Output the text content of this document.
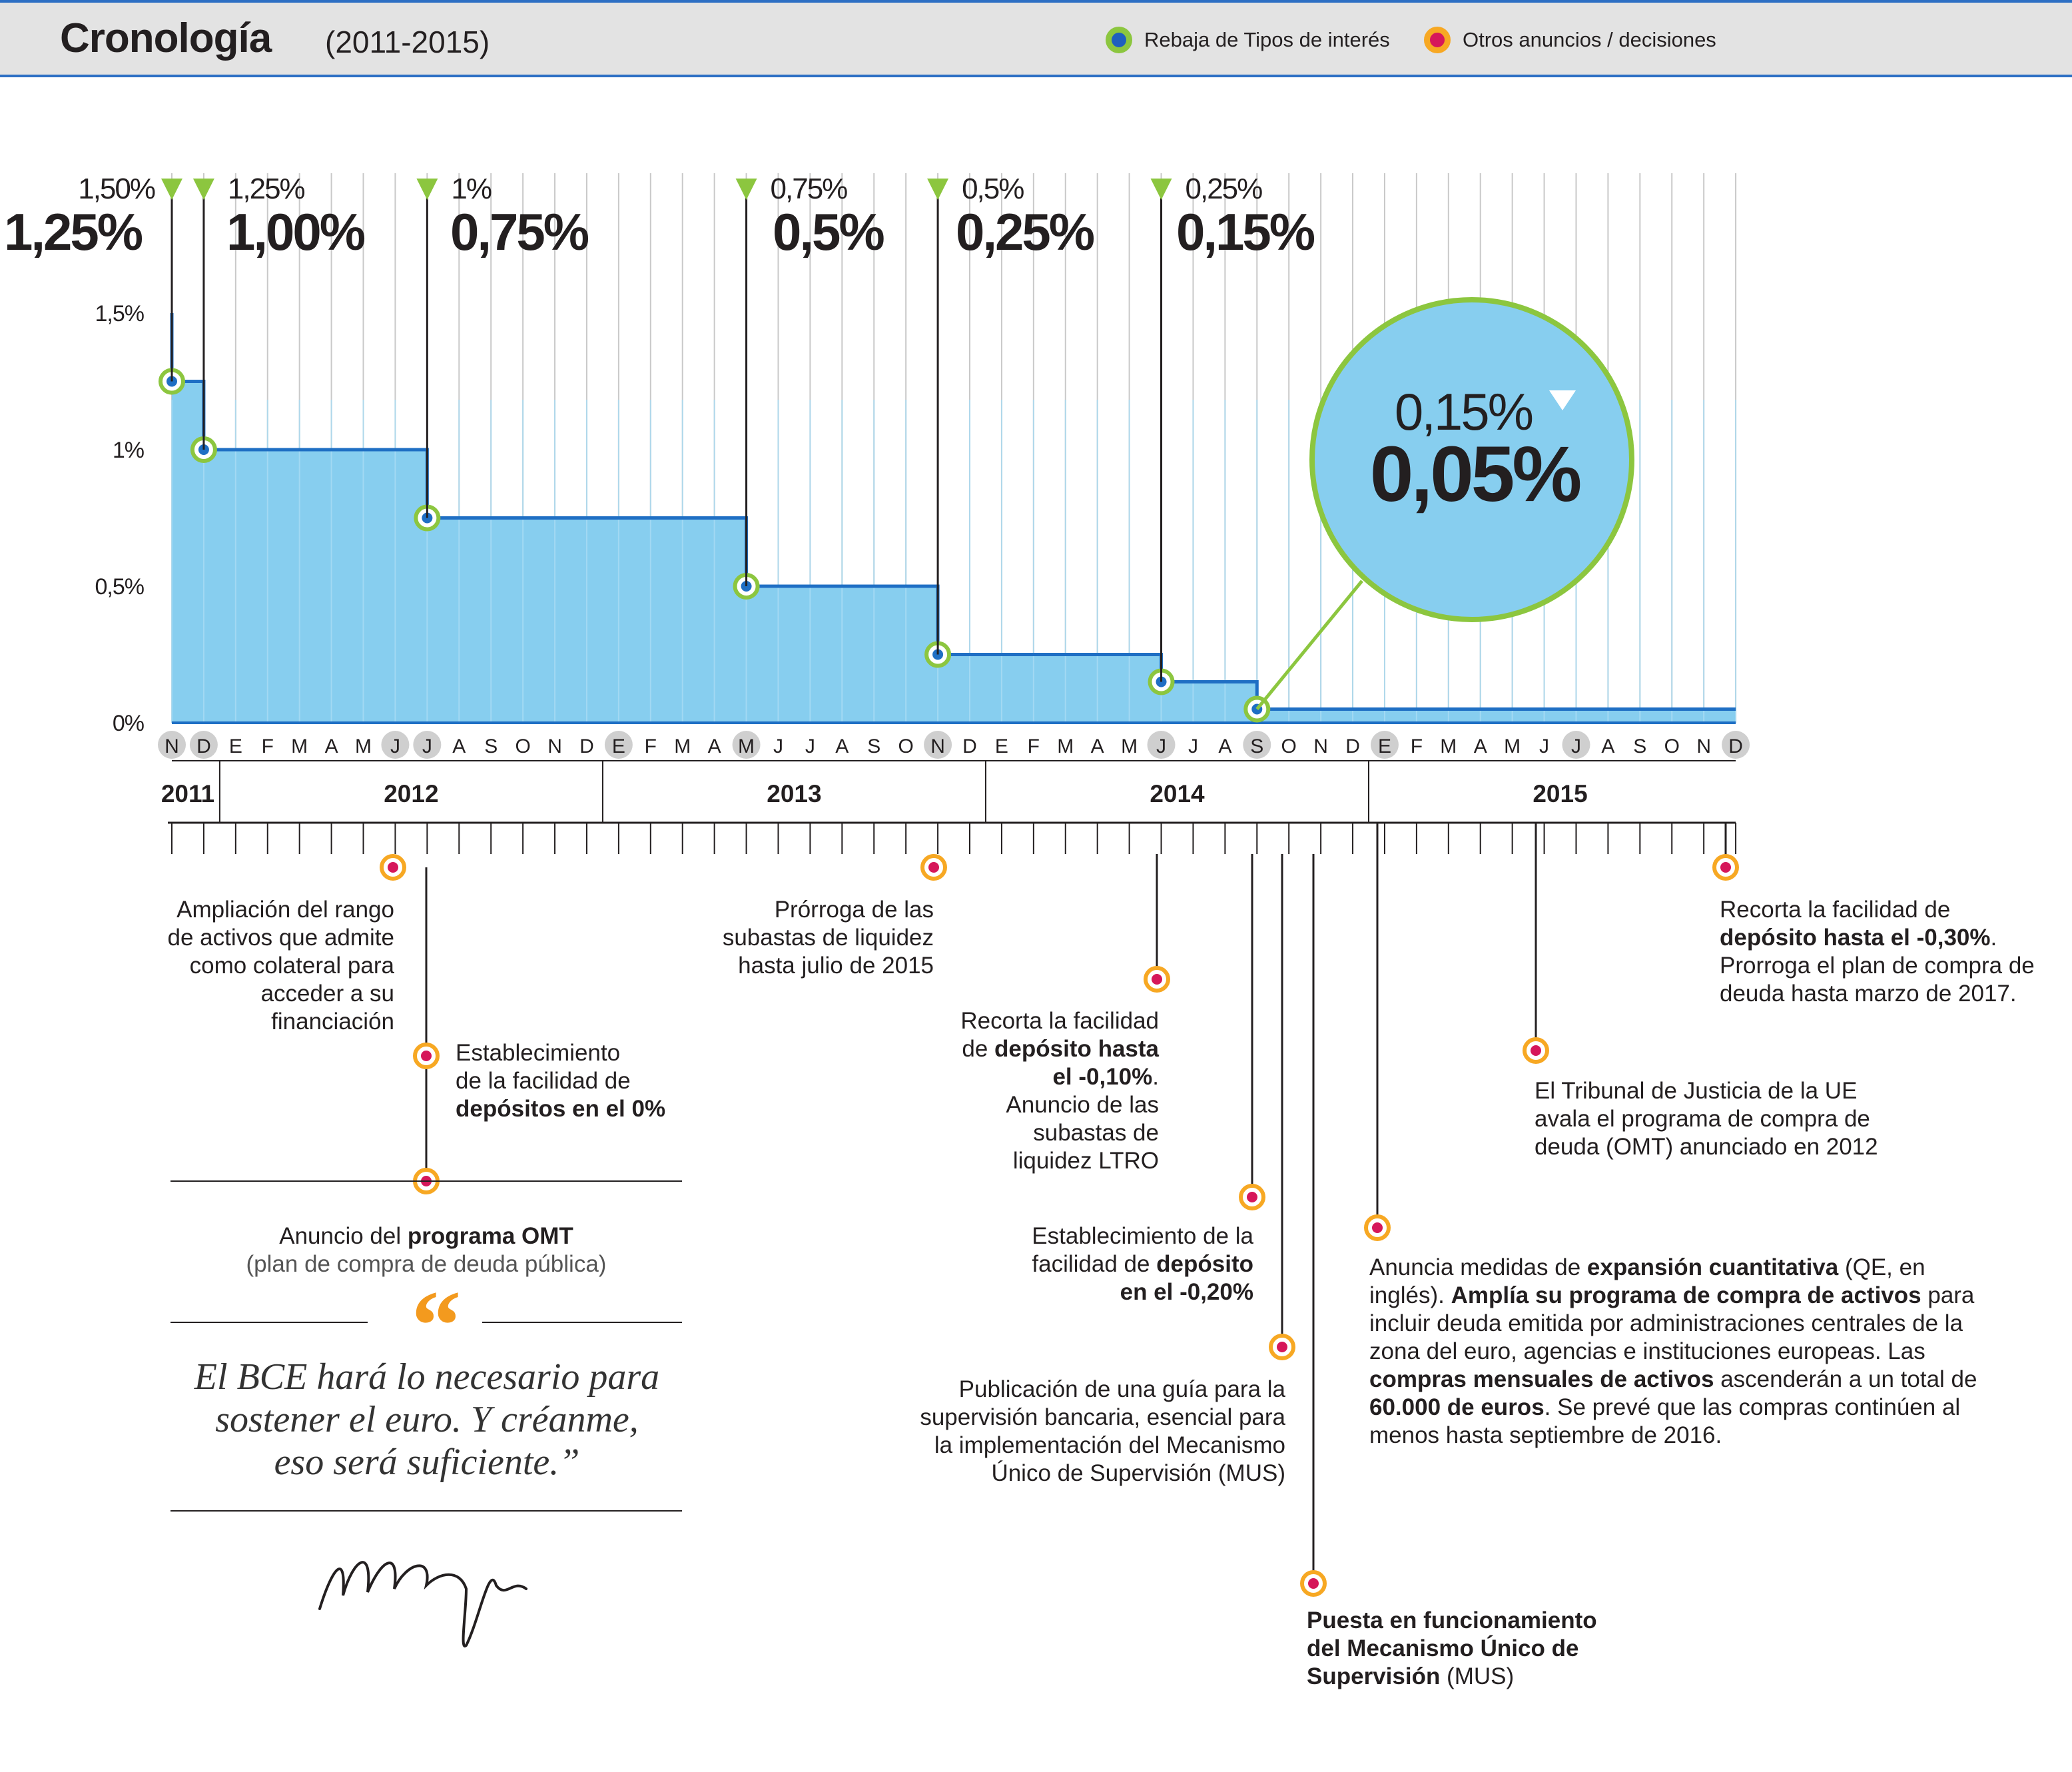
Cronología (2011-2015)	Rebaja de Tipos de interés	Otros anuncios / decisiones
0%
0,5%
1%
1,5%
1,50%
1,25%
1,25%
1,00%
1%
0,75%
0,75%
0,5%
0,5%
0,25%
0,25%
0,15%
0,15%
0,05%
N D E F M A M J J A S O N D E F M A M J J A S O N D E F M A M J J A S O N D E F M A M J J A S O N D
2011	2012	2013	2014	2015
Ampliación del rango
de activos que admite
como colateral para
acceder a su
financiación
Establecimiento
de la facilidad de
depósitos en el 0%
Anuncio del programa OMT
(plan de compra de deuda pública)
Prórroga de las
subastas de liquidez
hasta julio de 2015
Recorta la facilidad
de depósito hasta
el -0,10%.
Anuncio de las
subastas de
liquidez LTRO
Establecimiento de la
facilidad de depósito
en el -0,20%
Publicación de una guía para la
supervisión bancaria, esencial para
la implementación del Mecanismo
Único de Supervisión (MUS)
Puesta en funcionamiento
del Mecanismo Único de
Supervisión (MUS)
Anuncia medidas de expansión cuantitativa (QE, en
inglés). Amplía su programa de compra de activos para
incluir deuda emitida por administraciones centrales de la
zona del euro, agencias e instituciones europeas. Las
compras mensuales de activos ascenderán a un total de
60.000 de euros. Se prevé que las compras continúen al
menos hasta septiembre de 2016.
El Tribunal de Justicia de la UE
avala el programa de compra de
deuda (OMT) anunciado en 2012
Recorta la facilidad de
depósito hasta el -0,30%.
Prorroga el plan de compra de
deuda hasta marzo de 2017.
“
El BCE hará lo necesario para
sostener el euro. Y créanme,
eso será suficiente.”
